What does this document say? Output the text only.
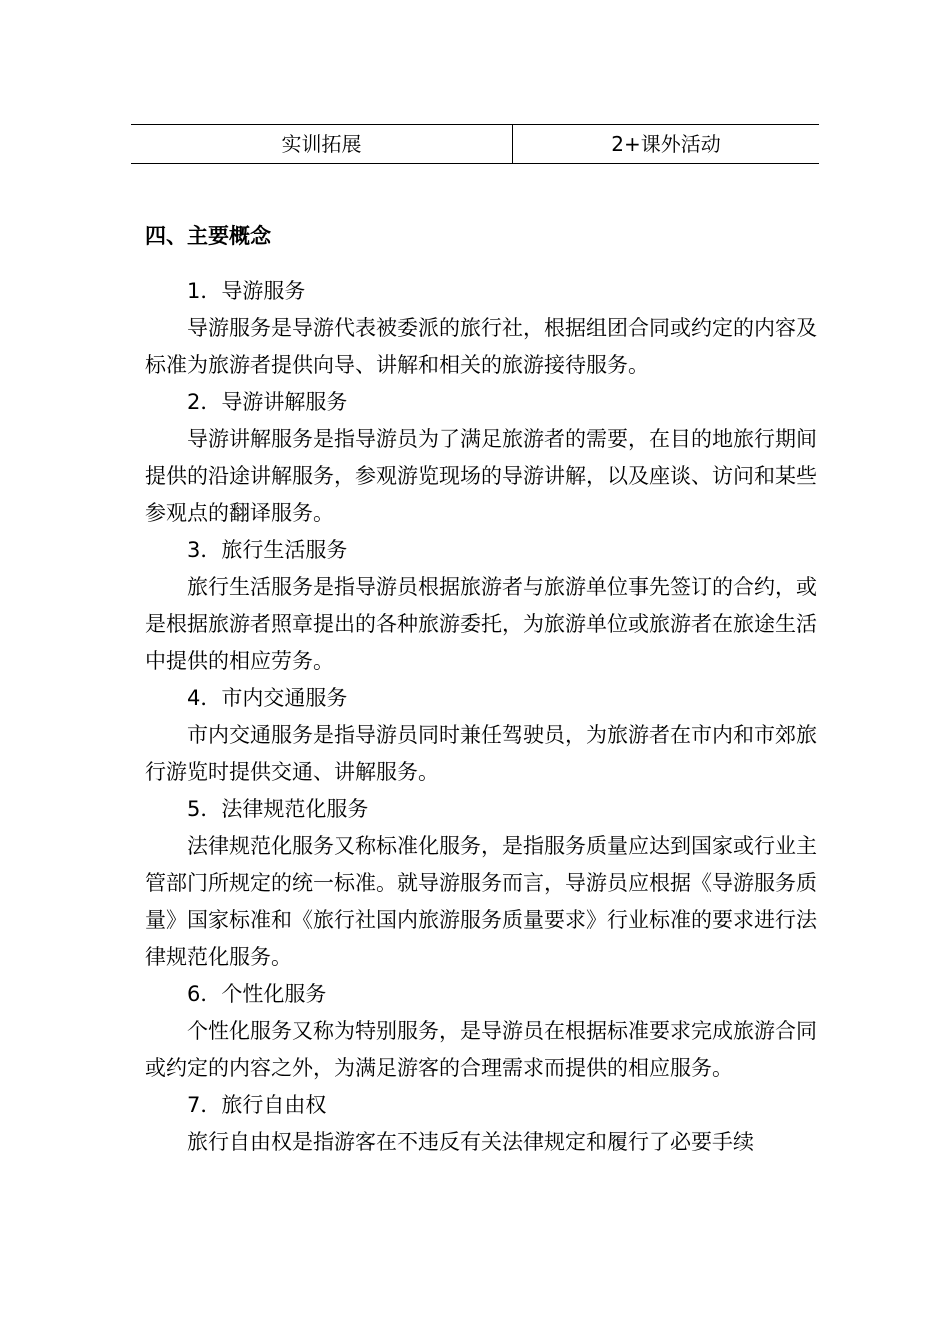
实训拓展	2+课外活动

四、主要概念

1．导游服务

导游服务是导游代表被委派的旅行社，根据组团合同或约定的内容及标准为旅游者提供向导、讲解和相关的旅游接待服务。

2．导游讲解服务

导游讲解服务是指导游员为了满足旅游者的需要，在目的地旅行期间提供的沿途讲解服务，参观游览现场的导游讲解，以及座谈、访问和某些参观点的翻译服务。

3．旅行生活服务

旅行生活服务是指导游员根据旅游者与旅游单位事先签订的合约，或是根据旅游者照章提出的各种旅游委托，为旅游单位或旅游者在旅途生活中提供的相应劳务。

4．市内交通服务

市内交通服务是指导游员同时兼任驾驶员，为旅游者在市内和市郊旅行游览时提供交通、讲解服务。

5．法律规范化服务

法律规范化服务又称标准化服务，是指服务质量应达到国家或行业主管部门所规定的统一标准。就导游服务而言，导游员应根据《导游服务质量》国家标准和《旅行社国内旅游服务质量要求》行业标准的要求进行法律规范化服务。

6．个性化服务

个性化服务又称为特别服务，是导游员在根据标准要求完成旅游合同或约定的内容之外，为满足游客的合理需求而提供的相应服务。

7．旅行自由权

旅行自由权是指游客在不违反有关法律规定和履行了必要手续
